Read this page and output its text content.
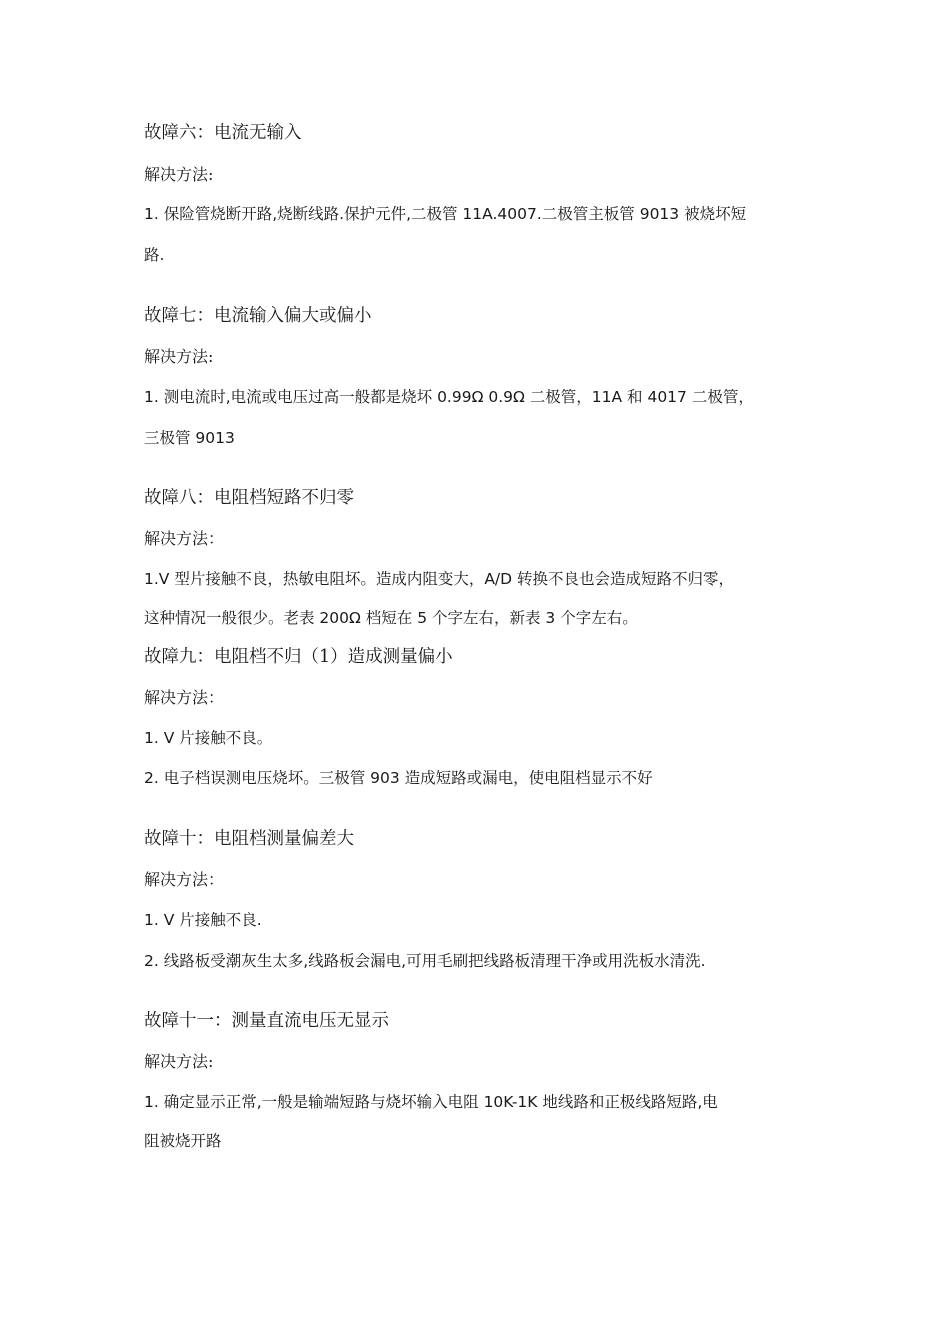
故障六：电流无输入
解决方法:
1. 保险管烧断开路,烧断线路.保护元件,二极管 11A.4007.二极管主板管 9013 被烧坏短
路.
故障七：电流输入偏大或偏小
解决方法:
1. 测电流时,电流或电压过高一般都是烧坏 0.99Ω 0.9Ω 二极管，11A 和 4017 二极管，
三极管 9013
故障八：电阻档短路不归零
解决方法：
1.V 型片接触不良，热敏电阻坏。造成内阻变大，A/D 转换不良也会造成短路不归零，
这种情况一般很少。老表 200Ω 档短在 5 个字左右，新表 3 个字左右。
故障九：电阻档不归（1）造成测量偏小
解决方法：
1. V 片接触不良。
2. 电子档误测电压烧坏。三极管 903 造成短路或漏电，使电阻档显示不好
故障十：电阻档测量偏差大
解决方法：
1. V 片接触不良.
2. 线路板受潮灰生太多,线路板会漏电,可用毛刷把线路板清理干净或用洗板水清洗.
故障十一：测量直流电压无显示
解决方法:
1. 确定显示正常,一般是输端短路与烧坏输入电阻 10K-1K 地线路和正极线路短路,电
阻被烧开路
